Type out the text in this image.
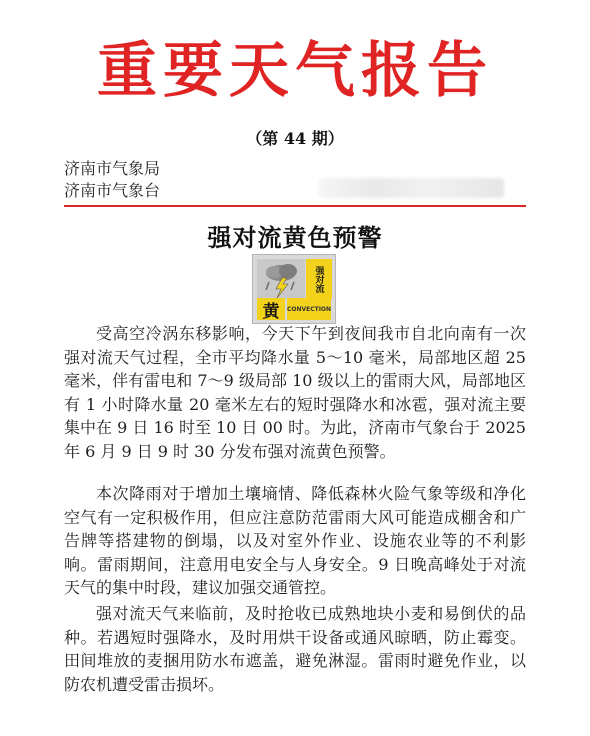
重要天气报告
（第 44 期）
济南市气象局
济南市气象台
强对流黄色预警
强对流
黄	CONVECTION

受高空冷涡东移影响，今天下午到夜间我市自北向南有一次强对流天气过程，全市平均降水量 5～10 毫米，局部地区超 25 毫米，伴有雷电和 7～9 级局部 10 级以上的雷雨大风，局部地区有 1 小时降水量 20 毫米左右的短时强降水和冰雹，强对流主要集中在 9 日 16 时至 10 日 00 时。为此，济南市气象台于 2025 年 6 月 9 日 9 时 30 分发布强对流黄色预警。

本次降雨对于增加土壤墒情、降低森林火险气象等级和净化空气有一定积极作用，但应注意防范雷雨大风可能造成棚舍和广告牌等搭建物的倒塌，以及对室外作业、设施农业等的不利影响。雷雨期间，注意用电安全与人身安全。9 日晚高峰处于对流天气的集中时段，建议加强交通管控。

强对流天气来临前，及时抢收已成熟地块小麦和易倒伏的品种。若遇短时强降水，及时用烘干设备或通风晾晒，防止霉变。田间堆放的麦捆用防水布遮盖，避免淋湿。雷雨时避免作业，以防农机遭受雷击损坏。
